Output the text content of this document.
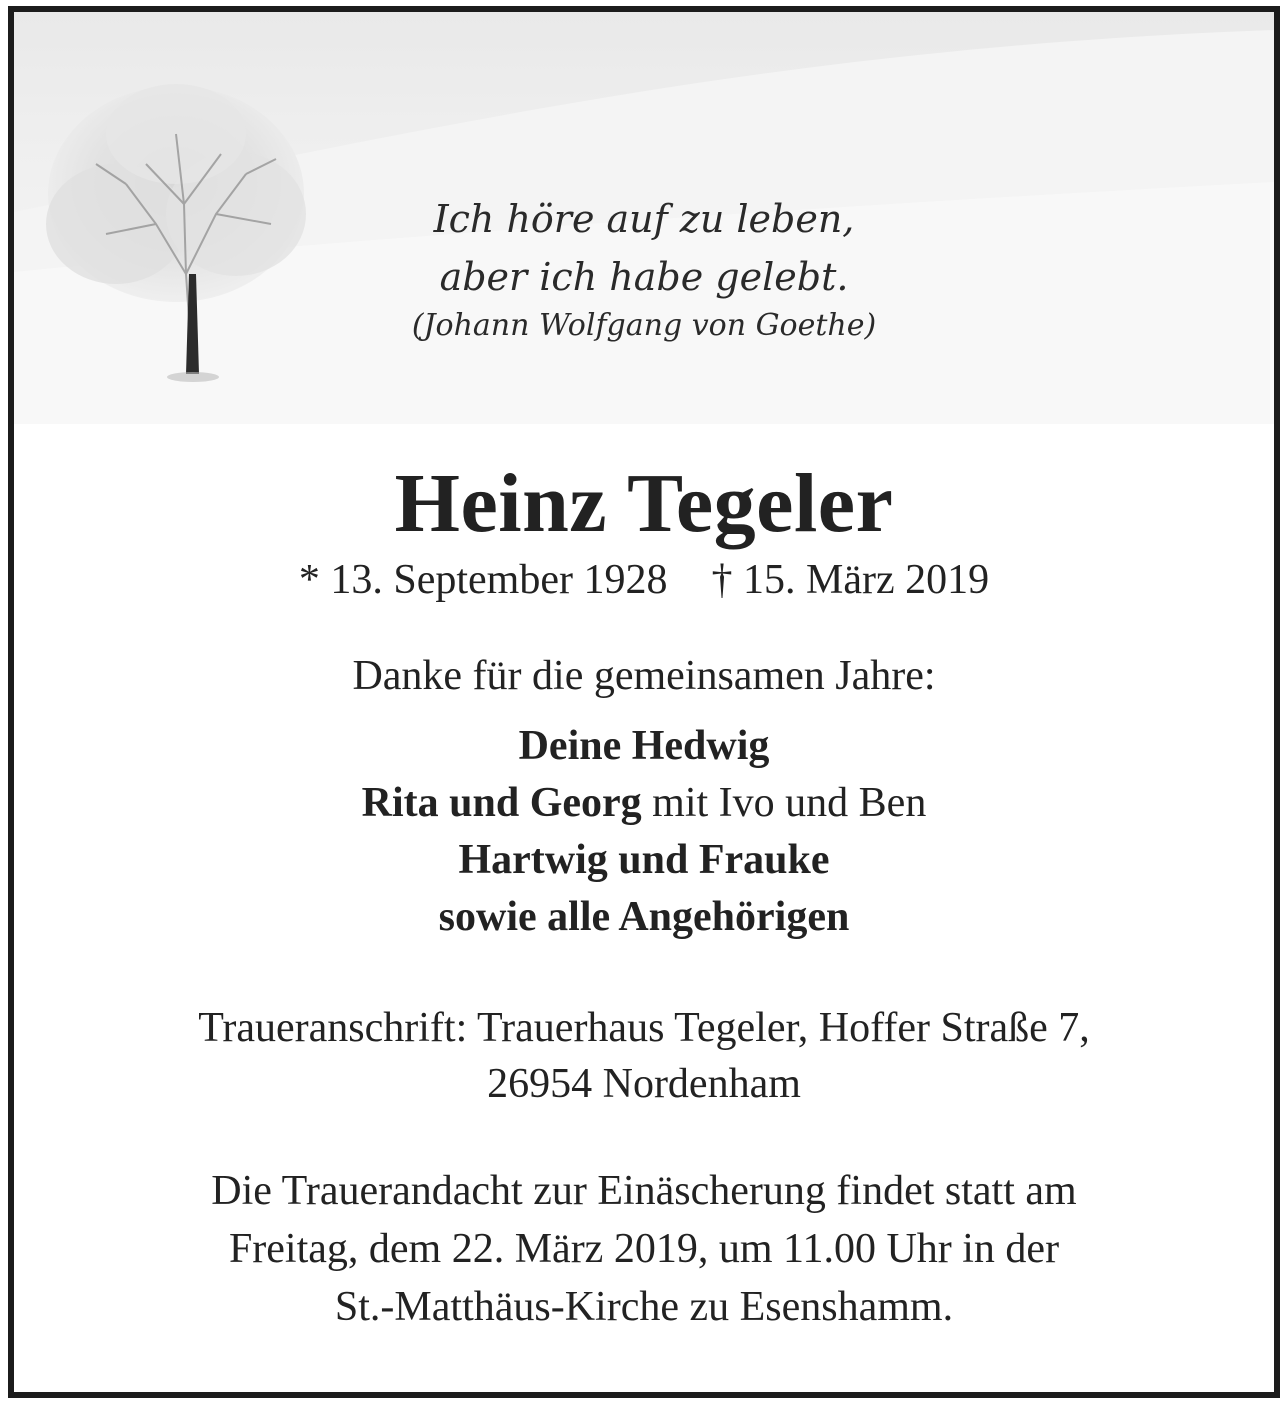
Ich höre auf zu leben,
aber ich habe gelebt.
(Johann Wolfgang von Goethe)
Heinz Tegeler
* 13. September 1928 † 15. März 2019
Danke für die gemeinsamen Jahre:
Deine Hedwig
Rita und Georg mit Ivo und Ben
Hartwig und Frauke
sowie alle Angehörigen
Traueranschrift: Trauerhaus Tegeler, Hoffer Straße 7,
26954 Nordenham
Die Trauerandacht zur Einäscherung findet statt am
Freitag, dem 22. März 2019, um 11.00 Uhr in der
St.-Matthäus-Kirche zu Esenshamm.
